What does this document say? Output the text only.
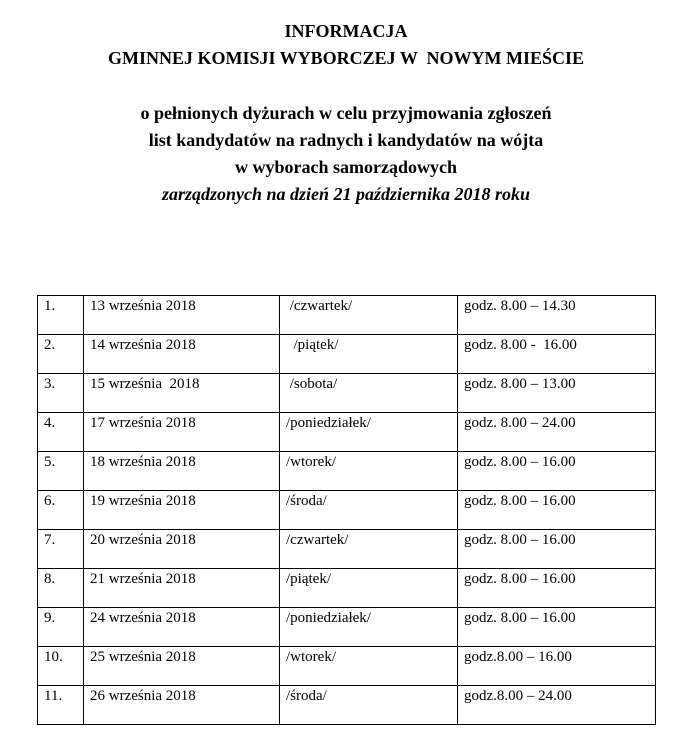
INFORMACJA
GMINNEJ KOMISJI WYBORCZEJ W  NOWYM MIEŚCIE
o pełnionych dyżurach w celu przyjmowania zgłoszeń
list kandydatów na radnych i kandydatów na wójta
w wyborach samorządowych
zarządzonych na dzień 21 października 2018 roku
1.	13 września 2018	/czwartek/	godz. 8.00 – 14.30
2.	14 września 2018	/piątek/	godz. 8.00 -  16.00
3.	15 września  2018	/sobota/	godz. 8.00 – 13.00
4.	17 września 2018	/poniedziałek/	godz. 8.00 – 24.00
5.	18 września 2018	/wtorek/	godz. 8.00 – 16.00
6.	19 września 2018	/środa/	godz. 8.00 – 16.00
7.	20 września 2018	/czwartek/	godz. 8.00 – 16.00
8.	21 września 2018	/piątek/	godz. 8.00 – 16.00
9.	24 września 2018	/poniedziałek/	godz. 8.00 – 16.00
10.	25 września 2018	/wtorek/	godz.8.00 – 16.00
11.	26 września 2018	/środa/	godz.8.00 – 24.00
